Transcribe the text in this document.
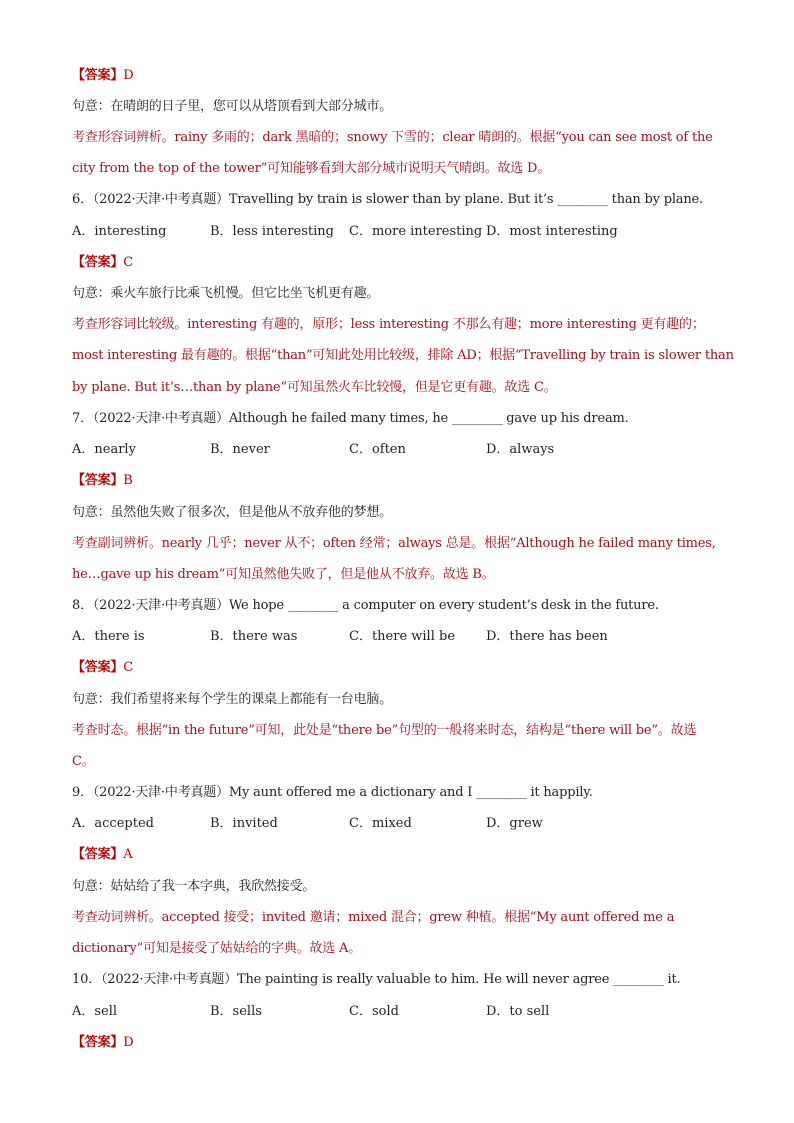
【答案】D
句意：在晴朗的日子里，您可以从塔顶看到大部分城市。
考查形容词辨析。rainy 多雨的；dark 黑暗的；snowy 下雪的；clear 晴朗的。根据“you can see most of the
city from the top of the tower”可知能够看到大部分城市说明天气晴朗。故选 D。
6．（2022·天津·中考真题）Travelling by train is slower than by plane. But it’s ________ than by plane.
A．interesting	B．less interesting C．more interesting D．most interesting
【答案】C
句意：乘火车旅行比乘飞机慢。但它比坐飞机更有趣。
考查形容词比较级。interesting 有趣的，原形；less interesting 不那么有趣；more interesting 更有趣的；
most interesting 最有趣的。根据“than”可知此处用比较级，排除 AD；根据“Travelling by train is slower than
by plane. But it’s…than by plane”可知虽然火车比较慢，但是它更有趣。故选 C。
7．（2022·天津·中考真题）Although he failed many times, he ________ gave up his dream.
A．nearly	B．never	C．often	D．always
【答案】B
句意：虽然他失败了很多次，但是他从不放弃他的梦想。
考查副词辨析。nearly 几乎；never 从不；often 经常；always 总是。根据“Although he failed many times,
he…gave up his dream”可知虽然他失败了，但是他从不放弃。故选 B。
8．（2022·天津·中考真题）We hope ________ a computer on every student’s desk in the future.
A．there is	B．there was	C．there will be D．there has been
【答案】C
句意：我们希望将来每个学生的课桌上都能有一台电脑。
考查时态。根据“in the future”可知，此处是“there be”句型的一般将来时态，结构是“there will be”。故选
C。
9．（2022·天津·中考真题）My aunt offered me a dictionary and I ________ it happily.
A．accepted	B．invited	C．mixed	D．grew
【答案】A
句意：姑姑给了我一本字典，我欣然接受。
考查动词辨析。accepted 接受；invited 邀请；mixed 混合；grew 种植。根据“My aunt offered me a
dictionary”可知是接受了姑姑给的字典。故选 A。
10．（2022·天津·中考真题）The painting is really valuable to him. He will never agree ________ it.
A．sell	B．sells	C．sold	D．to sell
【答案】D
